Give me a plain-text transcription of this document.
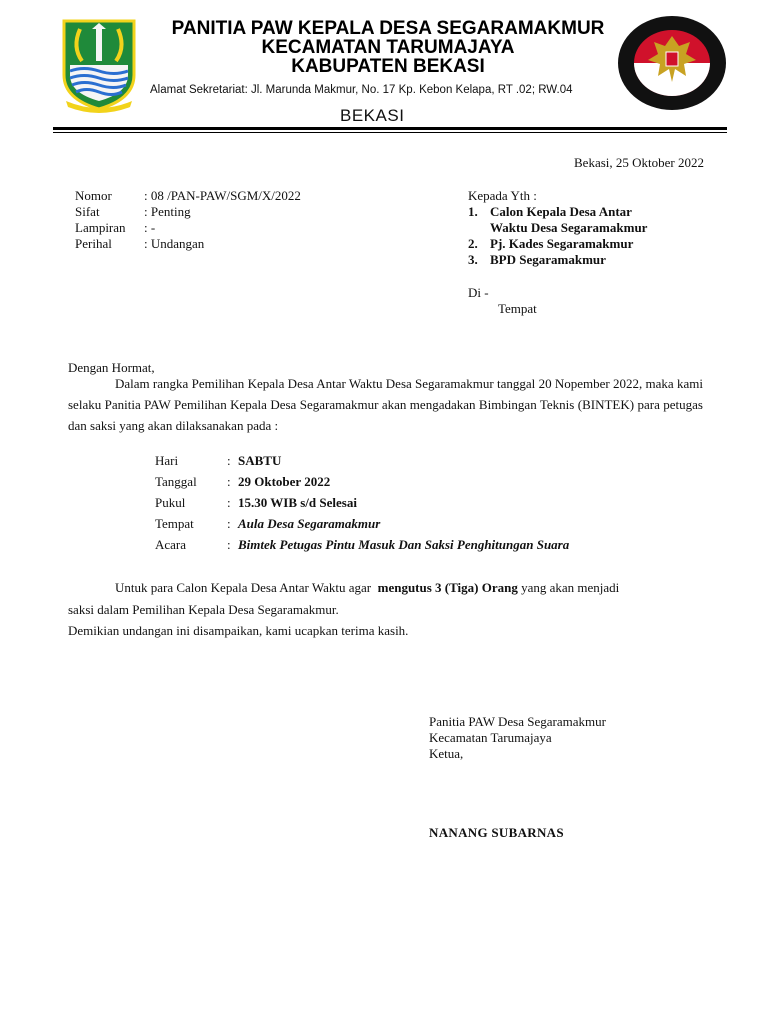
PANITIA PAW KEPALA DESA SEGARAMAKMUR
KECAMATAN TARUMAJAYA
KABUPATEN BEKASI
Alamat Sekretariat: Jl. Marunda Makmur, No. 17 Kp. Kebon Kelapa, RT .02; RW.04
BEKASI
Bekasi, 25 Oktober 2022
Nomor : 08 /PAN-PAW/SGM/X/2022
Sifat	: Penting
Lampiran : -
Perihal : Undangan
Kepada Yth :
1. Calon Kepala Desa Antar
Waktu Desa Segaramakmur
2. Pj. Kades Segaramakmur
3. BPD Segaramakmur
Di -
Tempat
Dengan Hormat,
Dalam rangka Pemilihan Kepala Desa Antar Waktu Desa Segaramakmur tanggal 20 Nopember 2022, maka kami selaku Panitia PAW Pemilihan Kepala Desa Segaramakmur akan mengadakan Bimbingan Teknis (BINTEK) para petugas dan saksi yang akan dilaksanakan pada :
Hari	: SABTU
Tanggal : 29 Oktober 2022
Pukul	: 15.30 WIB s/d Selesai
Tempat	: Aula Desa Segaramakmur
Acara	: Bimtek Petugas Pintu Masuk Dan Saksi Penghitungan Suara
Untuk para Calon Kepala Desa Antar Waktu agar mengutus 3 (Tiga) Orang yang akan menjadi
saksi dalam Pemilihan Kepala Desa Segaramakmur.
Demikian undangan ini disampaikan, kami ucapkan terima kasih.
Panitia PAW Desa Segaramakmur
Kecamatan Tarumajaya
Ketua,
NANANG SUBARNAS
